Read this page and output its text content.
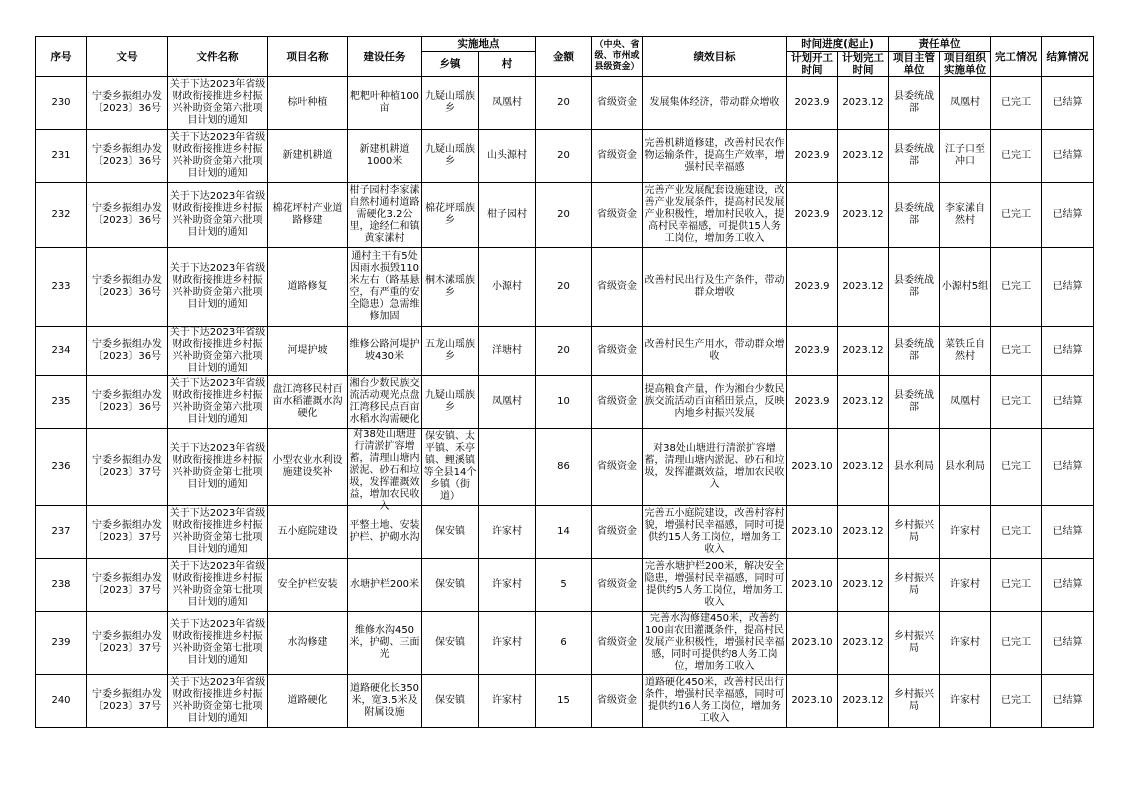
序号	文号	文件名称	项目名称	建设任务	实施地点		金额	（中央、省级、市州或县级资金）	绩效目标	时间进度(起止)		责任单位		完工情况	结算情况
					乡镇	村				计划开工时间	计划完工时间	项目主管单位	项目组织实施单位		

230	宁委乡振组办发〔2023〕36号	关于下达2023年省级财政衔接推进乡村振兴补助资金第六批项目计划的通知	棕叶种植	粑粑叶种植100亩	九疑山瑶族乡	凤凰村	20	省级资金	发展集体经济，带动群众增收	2023.9	2023.12	县委统战部	凤凰村	已完工	已结算

231	宁委乡振组办发〔2023〕36号	关于下达2023年省级财政衔接推进乡村振兴补助资金第六批项目计划的通知	新建机耕道	新建机耕道1000米	九疑山瑶族乡	山头源村	20	省级资金	完善机耕道修建，改善村民农作物运输条件，提高生产效率，增强村民幸福感	2023.9	2023.12	县委统战部	江子口至冲口	已完工	已结算

232	宁委乡振组办发〔2023〕36号	关于下达2023年省级财政衔接推进乡村振兴补助资金第六批项目计划的通知	棉花坪村产业道路修建	柑子园村李家溸自然村通村道路需硬化3.2公里，途经仁和镇黄家溸村	棉花坪瑶族乡	柑子园村	20	省级资金	完善产业发展配套设施建设，改善产业发展条件，提高村民发展产业积极性，增加村民收入，提高村民幸福感，可提供15人务工岗位，增加务工收入	2023.9	2023.12	县委统战部	李家溸自然村	已完工	已结算

233	宁委乡振组办发〔2023〕36号	关于下达2023年省级财政衔接推进乡村振兴补助资金第六批项目计划的通知	道路修复	通村主干有5处因雨水损毁110米左右（路基悬空，有严重的安全隐患）急需维修加固	桐木溸瑶族乡	小源村	20	省级资金	改善村民出行及生产条件，带动群众增收	2023.9	2023.12	县委统战部	小源村5组	已完工	已结算

234	宁委乡振组办发〔2023〕36号	关于下达2023年省级财政衔接推进乡村振兴补助资金第六批项目计划的通知	河堤护坡	维修公路河堤护坡430米	五龙山瑶族乡	洋塘村	20	省级资金	改善村民生产用水，带动群众增收	2023.9	2023.12	县委统战部	菜铁丘自然村	已完工	已结算

235	宁委乡振组办发〔2023〕36号	关于下达2023年省级财政衔接推进乡村振兴补助资金第六批项目计划的通知	盘江湾移民村百亩水稻灌溉水沟硬化	湘台少数民族交流活动观光点盘江湾移民点百亩水稻水沟需硬化	九疑山瑶族乡	凤凰村	10	省级资金	提高粮食产量，作为湘台少数民族交流活动百亩稻田景点，反映内地乡村振兴发展	2023.9	2023.12	县委统战部	凤凰村	已完工	已结算

236	宁委乡振组办发〔2023〕37号	关于下达2023年省级财政衔接推进乡村振兴补助资金第七批项目计划的通知	小型农业水利设施建设奖补	对38处山塘进行清淤扩容增蓄，清理山塘内淤泥、砂石和垃圾，发挥灌溉效益，增加农民收入	保安镇、太平镇、禾亭镇、鲤溪镇等全县14个乡镇（街道）		86	省级资金	对38处山塘进行清淤扩容增蓄，清理山塘内淤泥、砂石和垃圾，发挥灌溉效益，增加农民收入	2023.10	2023.12	县水利局	县水利局	已完工	已结算

237	宁委乡振组办发〔2023〕37号	关于下达2023年省级财政衔接推进乡村振兴补助资金第七批项目计划的通知	五小庭院建设	平整土地、安装护栏、护砌水沟	保安镇	许家村	14	省级资金	完善五小庭院建设，改善村容村貌，增强村民幸福感，同时可提供约15人务工岗位，增加务工收入	2023.10	2023.12	乡村振兴局	许家村	已完工	已结算

238	宁委乡振组办发〔2023〕37号	关于下达2023年省级财政衔接推进乡村振兴补助资金第七批项目计划的通知	安全护栏安装	水塘护栏200米	保安镇	许家村	5	省级资金	完善水塘护栏200米，解决安全隐患，增强村民幸福感，同时可提供约5人务工岗位，增加务工收入	2023.10	2023.12	乡村振兴局	许家村	已完工	已结算

239	宁委乡振组办发〔2023〕37号	关于下达2023年省级财政衔接推进乡村振兴补助资金第七批项目计划的通知	水沟修建	维修水沟450米，护砌、三面光	保安镇	许家村	6	省级资金	完善水沟修建450米，改善约100亩农田灌溉条件，提高村民发展产业积极性，增强村民幸福感，同时可提供约8人务工岗位，增加务工收入	2023.10	2023.12	乡村振兴局	许家村	已完工	已结算

240	宁委乡振组办发〔2023〕37号	关于下达2023年省级财政衔接推进乡村振兴补助资金第七批项目计划的通知	道路硬化	道路硬化长350米，宽3.5米及附属设施	保安镇	许家村	15	省级资金	道路硬化450米，改善村民出行条件，增强村民幸福感，同时可提供约16人务工岗位，增加务工收入	2023.10	2023.12	乡村振兴局	许家村	已完工	已结算
